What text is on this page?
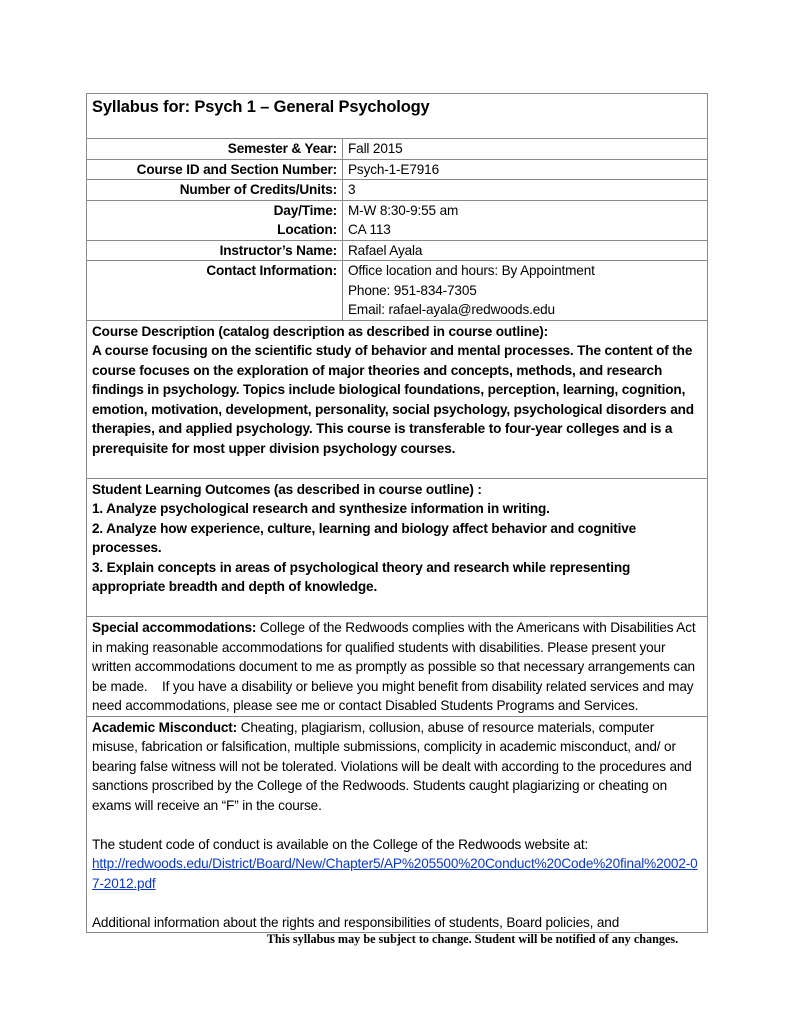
Syllabus for: Psych 1 – General Psychology	
Semester & Year:	Fall 2015
Course ID and Section Number:	Psych-1-E7916
Number of Credits/Units:	3
Day/Time:	M-W 8:30-9:55 am
Location:	CA 113
Instructor’s Name:	Rafael Ayala
Contact Information:	Office location and hours: By Appointment
Phone: 951-834-7305
Email: rafael-ayala@redwoods.edu

Course Description (catalog description as described in course outline):
A course focusing on the scientific study of behavior and mental processes. The content of the course focuses on the exploration of major theories and concepts, methods, and research findings in psychology. Topics include biological foundations, perception, learning, cognition, emotion, motivation, development, personality, social psychology, psychological disorders and therapies, and applied psychology. This course is transferable to four-year colleges and is a prerequisite for most upper division psychology courses.	

Student Learning Outcomes (as described in course outline) :
1. Analyze psychological research and synthesize information in writing.
2. Analyze how experience, culture, learning and biology affect behavior and cognitive processes.
3. Explain concepts in areas of psychological theory and research while representing appropriate breadth and depth of knowledge.	

Special accommodations: College of the Redwoods complies with the Americans with Disabilities Act in making reasonable accommodations for qualified students with disabilities. Please present your written accommodations document to me as promptly as possible so that necessary arrangements can be made.    If you have a disability or believe you might benefit from disability related services and may need accommodations, please see me or contact Disabled Students Programs and Services.	
Academic Misconduct: Cheating, plagiarism, collusion, abuse of resource materials, computer misuse, fabrication or falsification, multiple submissions, complicity in academic misconduct, and/ or bearing false witness will not be tolerated. Violations will be dealt with according to the procedures and sanctions proscribed by the College of the Redwoods. Students caught plagiarizing or cheating on exams will receive an “F” in the course.
The student code of conduct is available on the College of the Redwoods website at:
http://redwoods.edu/District/Board/New/Chapter5/AP%205500%20Conduct%20Code%20final%2002-07-2012.pdf
Additional information about the rights and responsibilities of students, Board policies, and	
This syllabus may be subject to change. Student will be notified of any changes.
